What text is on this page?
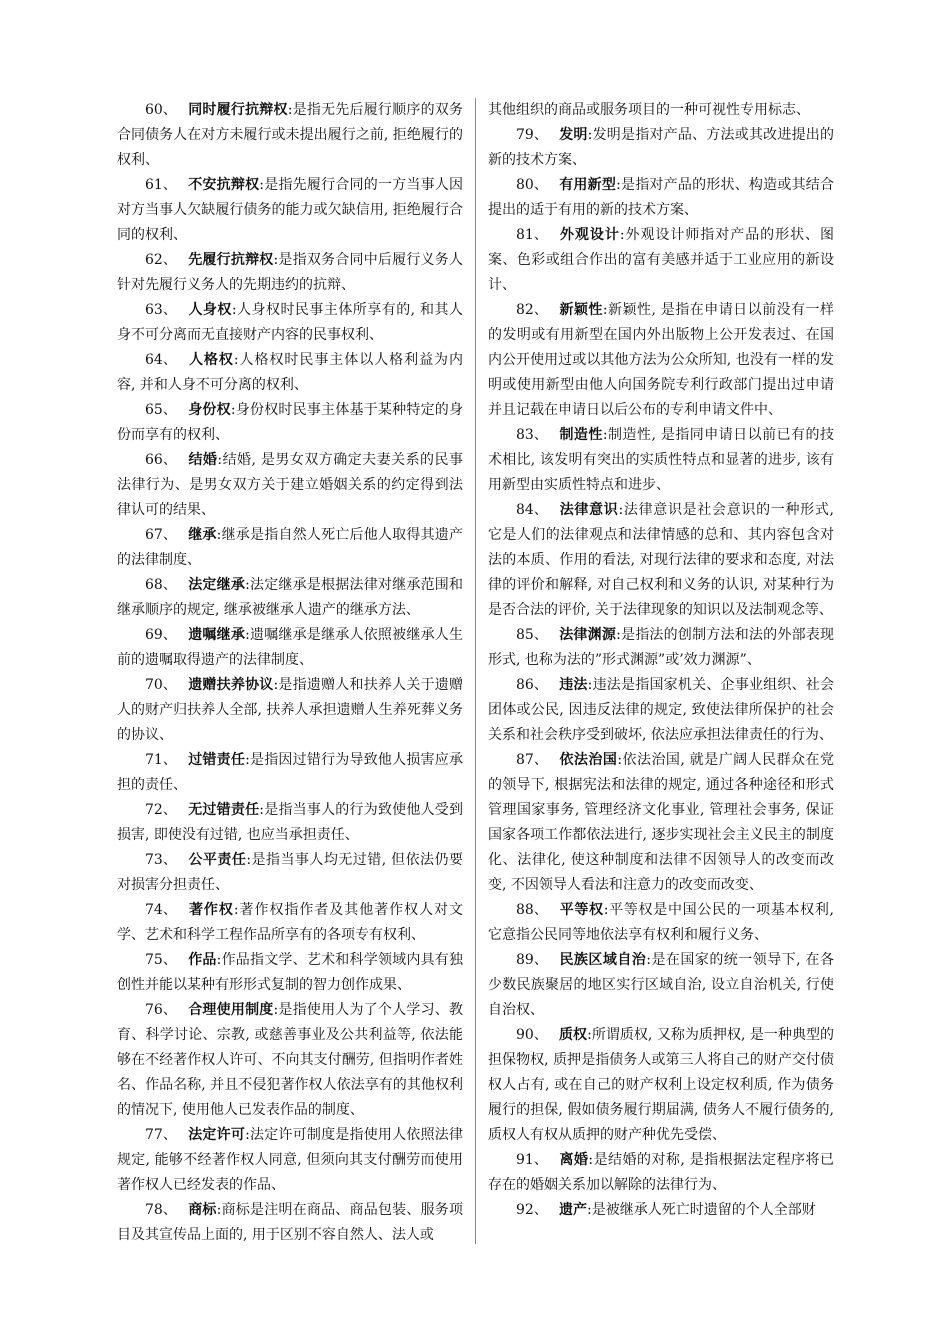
60、 同时履行抗辩权:是指无先后履行顺序的双务合同债务人在对方未履行或未提出履行之前, 拒绝履行的权利、

61、 不安抗辩权:是指先履行合同的一方当事人因对方当事人欠缺履行债务的能力或欠缺信用, 拒绝履行合同的权利、

62、 先履行抗辩权:是指双务合同中后履行义务人针对先履行义务人的先期违约的抗辩、

63、 人身权:人身权时民事主体所享有的, 和其人身不可分离而无直接财产内容的民事权利、

64、 人格权:人格权时民事主体以人格利益为内容, 并和人身不可分离的权利、

65、 身份权:身份权时民事主体基于某种特定的身份而享有的权利、

66、 结婚:结婚, 是男女双方确定夫妻关系的民事法律行为、是男女双方关于建立婚姻关系的约定得到法律认可的结果、

67、 继承:继承是指自然人死亡后他人取得其遗产的法律制度、

68、 法定继承:法定继承是根据法律对继承范围和继承顺序的规定, 继承被继承人遗产的继承方法、

69、 遗嘱继承:遗嘱继承是继承人依照被继承人生前的遗嘱取得遗产的法律制度、

70、 遗赠扶养协议:是指遗赠人和扶养人关于遗赠人的财产归扶养人全部, 扶养人承担遗赠人生养死葬义务的协议、

71、 过错责任:是指因过错行为导致他人损害应承担的责任、

72、 无过错责任:是指当事人的行为致使他人受到损害, 即使没有过错, 也应当承担责任、

73、 公平责任:是指当事人均无过错, 但依法仍要对损害分担责任、

74、 著作权:著作权指作者及其他著作权人对文学、艺术和科学工程作品所享有的各项专有权利、

75、 作品:作品指文学、艺术和科学领域内具有独创性并能以某种有形形式复制的智力创作成果、

76、 合理使用制度:是指使用人为了个人学习、教育、科学讨论、宗教, 或慈善事业及公共利益等, 依法能够在不经著作权人许可、不向其支付酬劳, 但指明作者姓名、作品名称, 并且不侵犯著作权人依法享有的其他权利的情况下, 使用他人已发表作品的制度、

77、 法定许可:法定许可制度是指使用人依照法律规定, 能够不经著作权人同意, 但须向其支付酬劳而使用著作权人已经发表的作品、

78、 商标:商标是注明在商品、商品包装、服务项目及其宣传品上面的, 用于区别不容自然人、法人或

其他组织的商品或服务项目的一种可视性专用标志、

79、 发明:发明是指对产品、方法或其改进提出的新的技术方案、

80、 有用新型:是指对产品的形状、构造或其结合提出的适于有用的新的技术方案、

81、 外观设计:外观设计师指对产品的形状、图案、色彩或组合作出的富有美感并适于工业应用的新设计、

82、 新颖性:新颖性, 是指在申请日以前没有一样的发明或有用新型在国内外出版物上公开发表过、在国内公开使用过或以其他方法为公众所知, 也没有一样的发明或使用新型由他人向国务院专利行政部门提出过申请并且记载在申请日以后公布的专利申请文件中、

83、 制造性:制造性, 是指同申请日以前已有的技术相比, 该发明有突出的实质性特点和显著的进步, 该有用新型由实质性特点和进步、

84、 法律意识:法律意识是社会意识的一种形式, 它是人们的法律观点和法律情感的总和、其内容包含对法的本质、作用的看法, 对现行法律的要求和态度, 对法律的评价和解释, 对自己权利和义务的认识, 对某种行为是否合法的评价, 关于法律现象的知识以及法制观念等、

85、 法律渊源:是指法的创制方法和法的外部表现形式, 也称为法的”形式渊源”或’效力渊源”、

86、 违法:违法是指国家机关、企事业组织、社会团体或公民, 因违反法律的规定, 致使法律所保护的社会关系和社会秩序受到破坏, 依法应承担法律责任的行为、

87、 依法治国:依法治国, 就是广阔人民群众在党的领导下, 根据宪法和法律的规定, 通过各种途径和形式管理国家事务, 管理经济文化事业, 管理社会事务, 保证国家各项工作都依法进行, 逐步实现社会主义民主的制度化、法律化, 使这种制度和法律不因领导人的改变而改变, 不因领导人看法和注意力的改变而改变、

88、 平等权:平等权是中国公民的一项基本权利, 它意指公民同等地依法享有权利和履行义务、

89、 民族区域自治:是在国家的统一领导下, 在各少数民族聚居的地区实行区域自治, 设立自治机关, 行使自治权、

90、 质权:所谓质权, 又称为质押权, 是一种典型的担保物权, 质押是指债务人或第三人将自己的财产交付债权人占有, 或在自己的财产权利上设定权利质, 作为债务履行的担保, 假如债务履行期届满, 债务人不履行债务的, 质权人有权从质押的财产种优先受偿、

91、 离婚:是结婚的对称, 是指根据法定程序将已存在的婚姻关系加以解除的法律行为、

92、 遗产:是被继承人死亡时遗留的个人全部财
